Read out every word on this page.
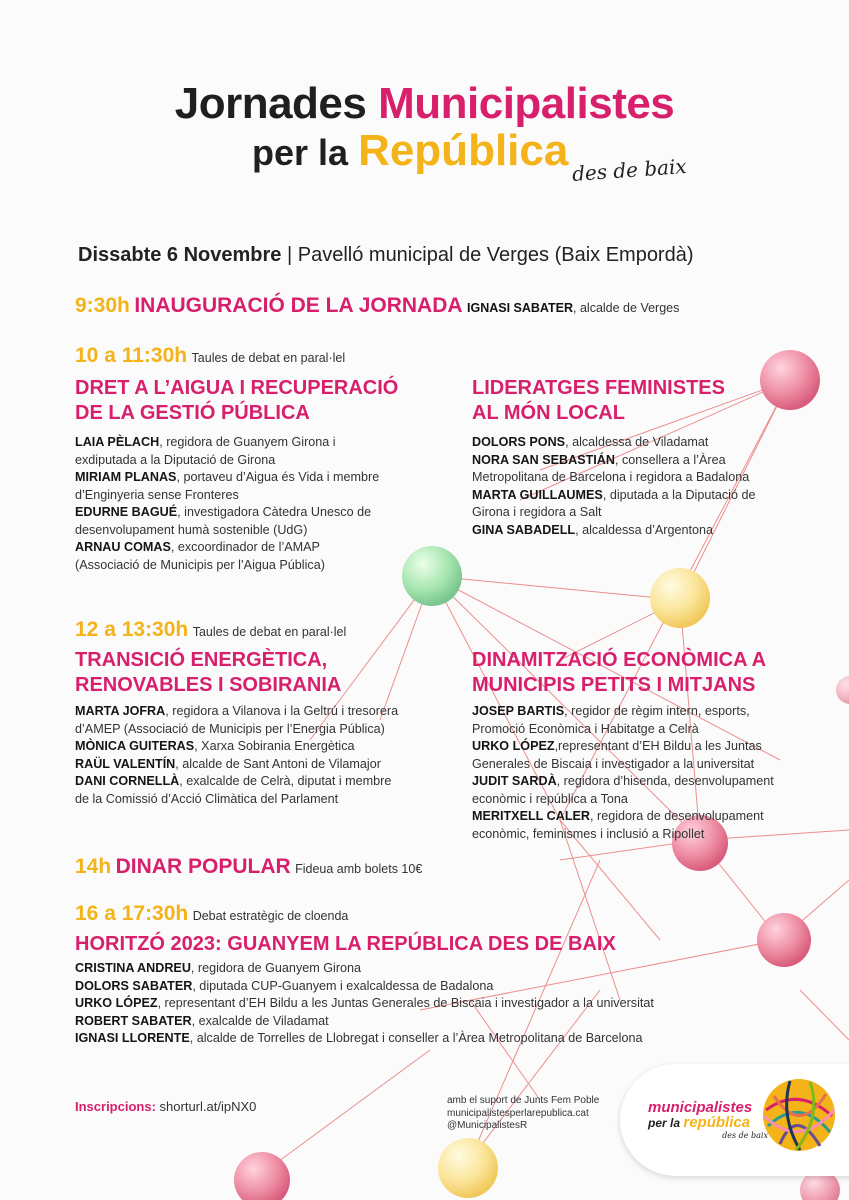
Jornades Municipalistes
per la República des de baix
Dissabte 6 Novembre | Pavelló municipal de Verges (Baix Empordà)
9:30h INAUGURACIÓ DE LA JORNADA IGNASI SABATER, alcalde de Verges
10 a 11:30h Taules de debat en paral·lel
DRET A L’AIGUA I RECUPERACIÓ
DE LA GESTIÓ PÚBLICA
LAIA PÈLACH, regidora de Guanyem Girona i
exdiputada a la Diputació de Girona
MIRIAM PLANAS, portaveu d’Aigua és Vida i membre
d’Enginyeria sense Fronteres
EDURNE BAGUÉ, investigadora Càtedra Unesco de
desenvolupament humà sostenible (UdG)
ARNAU COMAS, excoordinador de l’AMAP
(Associació de Municipis per l’Aigua Pública)
LIDERATGES FEMINISTES
AL MÓN LOCAL
DOLORS PONS, alcaldessa de Viladamat
NORA SAN SEBASTIÁN, consellera a l’Àrea
Metropolitana de Barcelona i regidora a Badalona
MARTA GUILLAUMES, diputada a la Diputació de
Girona i regidora a Salt
GINA SABADELL, alcaldessa d’Argentona
12 a 13:30h Taules de debat en paral·lel
TRANSICIÓ ENERGÈTICA,
RENOVABLES I SOBIRANIA
MARTA JOFRA, regidora a Vilanova i la Geltrú i tresorera
d’AMEP (Associació de Municipis per l’Energia Pública)
MÒNICA GUITERAS, Xarxa Sobirania Energètica
RAÜL VALENTÍN, alcalde de Sant Antoni de Vilamajor
DANI CORNELLÀ, exalcalde de Celrà, diputat i membre
de la Comissió d’Acció Climàtica del Parlament
DINAMITZACIÓ ECONÒMICA A
MUNICIPIS PETITS I MITJANS
JOSEP BARTIS, regidor de règim intern, esports,
Promoció Econòmica i Habitatge a Celrà
URKO LÓPEZ,representant d’EH Bildu a les Juntas
Generales de Biscaia i investigador a la universitat
JUDIT SARDÀ, regidora d’hisenda, desenvolupament
econòmic i república a Tona
MERITXELL CALER, regidora de desenvolupament
econòmic, feminismes i inclusió a Ripollet
14h DINAR POPULAR Fideua amb bolets 10€
16 a 17:30h Debat estratègic de cloenda
HORITZÓ 2023: GUANYEM LA REPÚBLICA DES DE BAIX
CRISTINA ANDREU, regidora de Guanyem Girona
DOLORS SABATER, diputada CUP-Guanyem i exalcaldessa de Badalona
URKO LÓPEZ, representant d’EH Bildu a les Juntas Generales de Biscaia i investigador a la universitat
ROBERT SABATER, exalcalde de Viladamat
IGNASI LLORENTE, alcalde de Torrelles de Llobregat i conseller a l’Àrea Metropolitana de Barcelona
Inscripcions: shorturl.at/ipNX0	amb el suport de Junts Fem Poble
municipalistesperlarepublica.cat
@MunicipalistesR
municipalistes
per la república
des de baix
